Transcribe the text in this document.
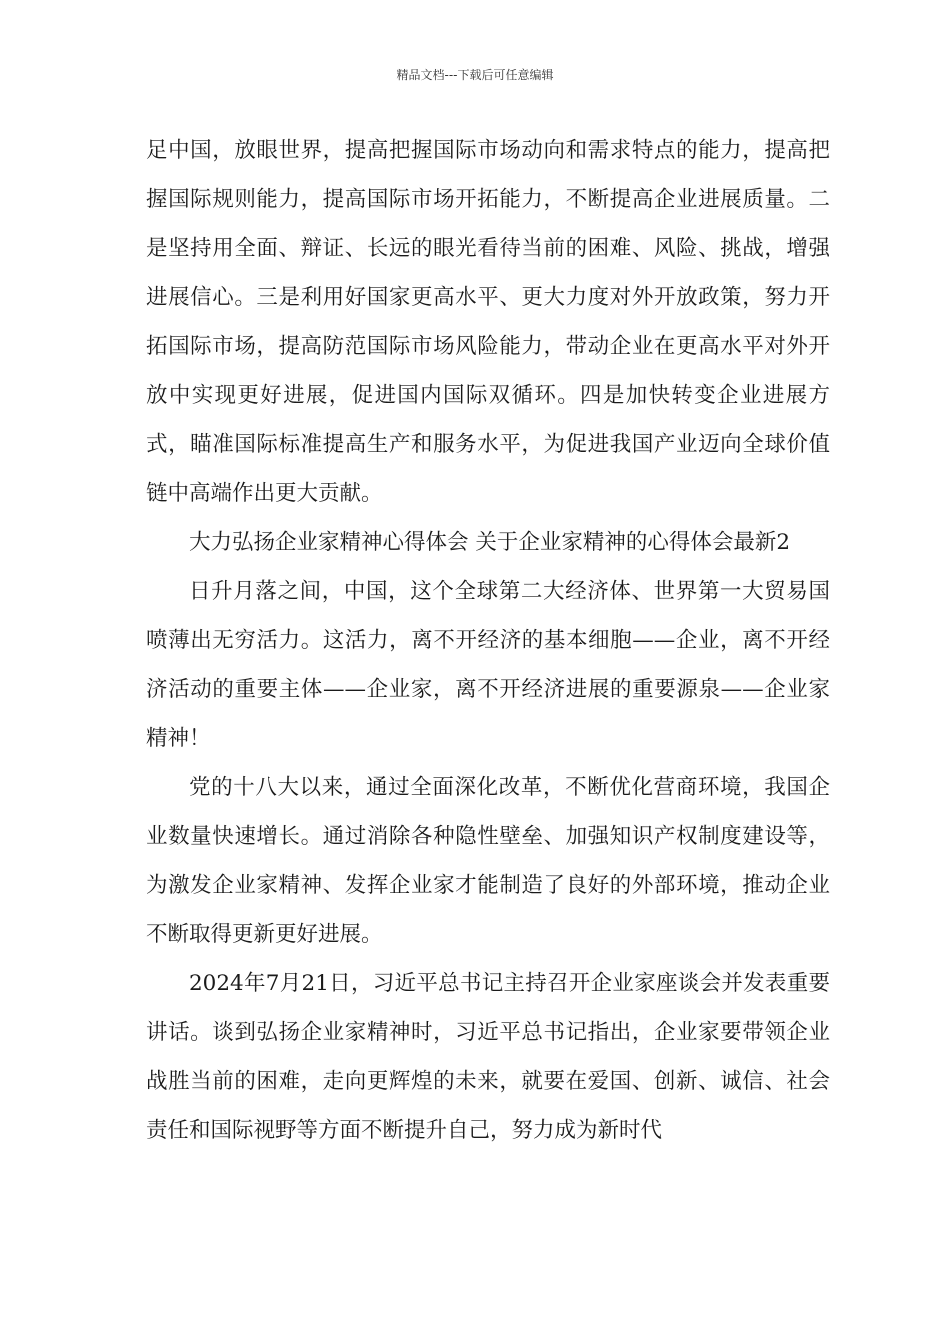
精品文档---下载后可任意编辑

足中国，放眼世界，提高把握国际市场动向和需求特点的能力，提高把握国际规则能力，提高国际市场开拓能力，不断提高企业进展质量。二是坚持用全面、辩证、长远的眼光看待当前的困难、风险、挑战，增强进展信心。三是利用好国家更高水平、更大力度对外开放政策，努力开拓国际市场，提高防范国际市场风险能力，带动企业在更高水平对外开放中实现更好进展，促进国内国际双循环。四是加快转变企业进展方式，瞄准国际标准提高生产和服务水平，为促进我国产业迈向全球价值链中高端作出更大贡献。

大力弘扬企业家精神心得体会 关于企业家精神的心得体会最新2

日升月落之间，中国，这个全球第二大经济体、世界第一大贸易国喷薄出无穷活力。这活力，离不开经济的基本细胞——企业，离不开经济活动的重要主体——企业家，离不开经济进展的重要源泉——企业家精神！

党的十八大以来，通过全面深化改革，不断优化营商环境，我国企业数量快速增长。通过消除各种隐性壁垒、加强知识产权制度建设等，为激发企业家精神、发挥企业家才能制造了良好的外部环境，推动企业不断取得更新更好进展。

2024年7月21日，习近平总书记主持召开企业家座谈会并发表重要讲话。谈到弘扬企业家精神时，习近平总书记指出，企业家要带领企业战胜当前的困难，走向更辉煌的未来，就要在爱国、创新、诚信、社会责任和国际视野等方面不断提升自己，努力成为新时代
